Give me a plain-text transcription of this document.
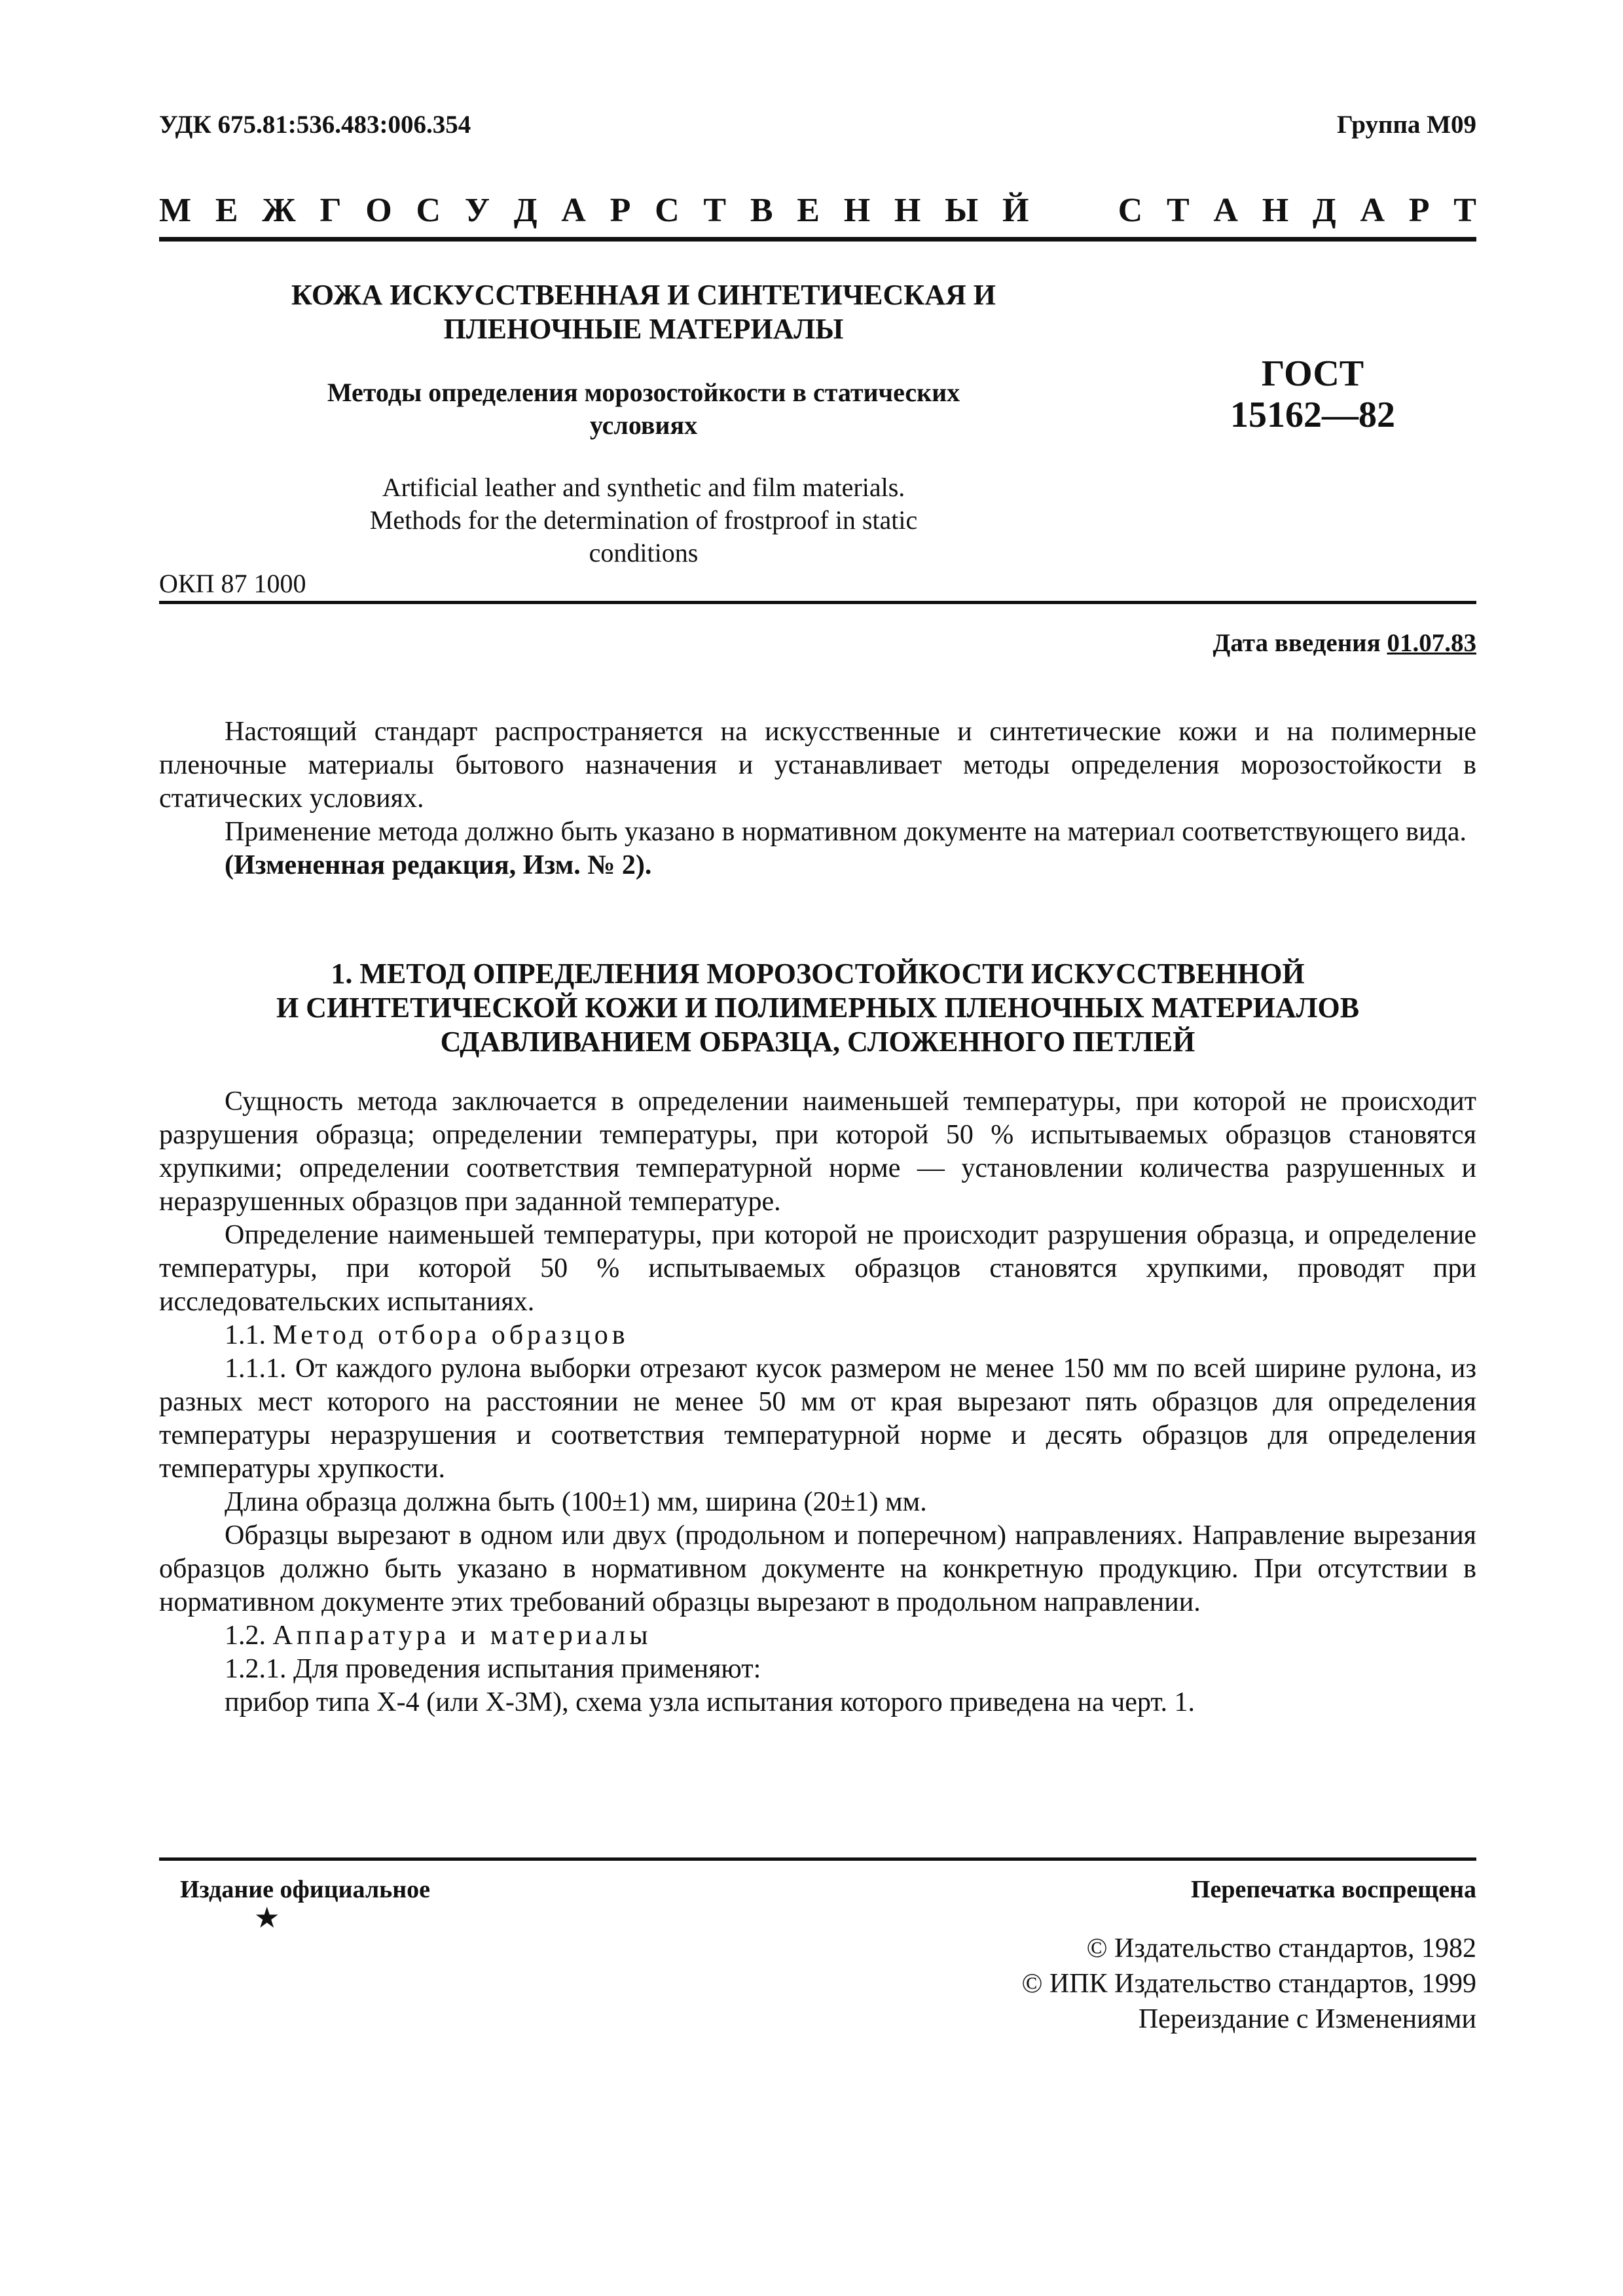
УДК 675.81:536.483:006.354	Группа М09
М Е Ж Г О С У Д А Р С Т В Е Н Н Ы Й

	С Т А Н Д А Р Т
КОЖА ИСКУССТВЕННАЯ И СИНТЕТИЧЕСКАЯ И
ПЛЕНОЧНЫЕ МАТЕРИАЛЫ
Методы определения морозостойкости в статических
условиях
Artificial leather and synthetic and film materials.
Methods for the determination of frostproof in static
conditions
ГОСТ
15162—82
ОКП 87 1000
Дата введения 01.07.83

Настоящий стандарт распространяется на искусственные и синтетические кожи и на полимерные пленочные материалы бытового назначения и устанавливает методы определения морозостойкости в статических условиях.

Применение метода должно быть указано в нормативном документе на материал соответствующего вида.

(Измененная редакция, Изм. № 2).

1. МЕТОД ОПРЕДЕЛЕНИЯ МОРОЗОСТОЙКОСТИ ИСКУССТВЕННОЙ
И СИНТЕТИЧЕСКОЙ КОЖИ И ПОЛИМЕРНЫХ ПЛЕНОЧНЫХ МАТЕРИАЛОВ
СДАВЛИВАНИЕМ ОБРАЗЦА, СЛОЖЕННОГО ПЕТЛЕЙ

Сущность метода заключается в определении наименьшей температуры, при которой не происходит разрушения образца; определении температуры, при которой 50 % испытываемых образцов становятся хрупкими; определении соответствия температурной норме — установлении количества разрушенных и неразрушенных образцов при заданной температуре.

Определение наименьшей температуры, при которой не происходит разрушения образца, и определение температуры, при которой 50 % испытываемых образцов становятся хрупкими, проводят при исследовательских испытаниях.

1.1. Метод отбора образцов

1.1.1. От каждого рулона выборки отрезают кусок размером не менее 150 мм по всей ширине рулона, из разных мест которого на расстоянии не менее 50 мм от края вырезают пять образцов для определения температуры неразрушения и соответствия температурной норме и десять образцов для определения температуры хрупкости.

Длина образца должна быть (100±1) мм, ширина (20±1) мм.

Образцы вырезают в одном или двух (продольном и поперечном) направлениях. Направление вырезания образцов должно быть указано в нормативном документе на конкретную продукцию. При отсутствии в нормативном документе этих требований образцы вырезают в продольном направлении.

1.2. Аппаратура и материалы

1.2.1. Для проведения испытания применяют:

прибор типа Х-4 (или Х-3М), схема узла испытания которого приведена на черт. 1.

Издание официальное	Перепечатка воспрещена
★
© Издательство стандартов, 1982
© ИПК Издательство стандартов, 1999
Переиздание с Изменениями
